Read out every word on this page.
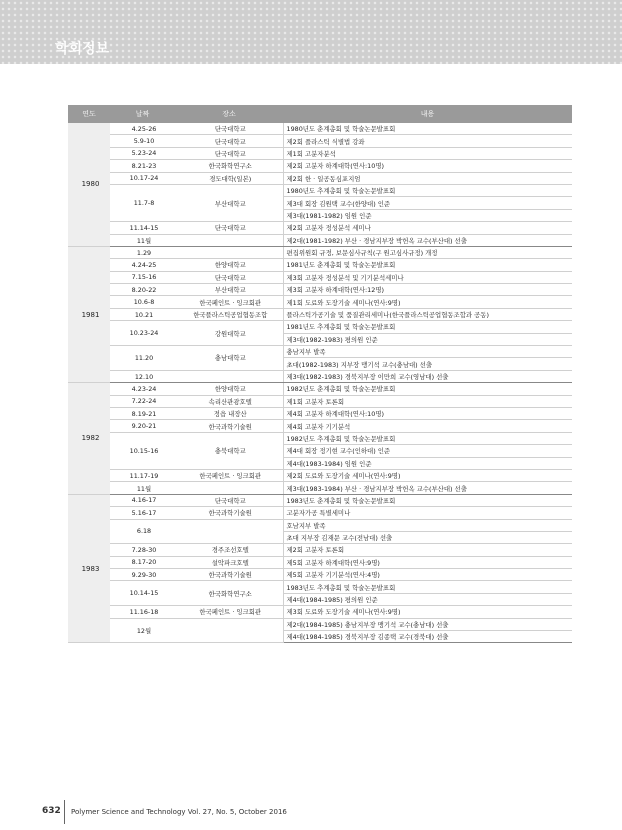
학회정보
연도	날짜	장소	내용
1980	4.25-26	단국대학교	1980년도 춘계총회 및 학술논문발표회
	5.9-10	단국대학교	제2회 플라스틱 식별법 강좌
	5.23-24	단국대학교	제1회 고분자분석
	8.21-23	한국화학연구소	제2회 고분자 하계대학(연사:10명)
	10.17-24	경도대학(일본)	제2회 한 · 일공동심포지엄
	11.7-8	부산대학교	1980년도 추계총회 및 학술논문발표회
			제3대 회장 김원택 교수(한양대) 인준
			제3대(1981-1982) 임원 인준
	11.14-15	단국대학교	제2회 고분자 정성분석 세미나
	11월		제2대(1981-1982) 부산 · 경남지부장 박헌옥 교수(부산대) 선출
1981	1.29		편집위원회 규정, 보문심사규칙(구 원고심사규정) 개정
	4.24-25	한양대학교	1981년도 춘계총회 및 학술논문발표회
	7.15-16	단국대학교	제3회 고분자 정성분석 및 기기분석세미나
	8.20-22	부산대학교	제3회 고분자 하계대학(연사:12명)
	10.6-8	한국페인트 · 잉크회관	제1회 도료와 도장기술 세미나(연사:9명)
	10.21	한국플라스틱공업협동조합	플라스틱가공기술 및 품질관리세미나(한국플라스틱공업협동조합과 공동)
	10.23-24	강원대학교	1981년도 추계총회 및 학술논문발표회
			제3대(1982-1983) 평의원 인준
	11.20	충남대학교	충남지부 발족
			초대(1982-1983) 지부장 맹기석 교수(충남대) 선출
	12.10		제3대(1982-1983) 경북지부장 이만희 교수(영남대) 선출
1982	4.23-24	한양대학교	1982년도 춘계총회 및 학술논문발표회
	7.22-24	속리산관광호텔	제1회 고분자 토론회
	8.19-21	정읍 내장산	제4회 고분자 하계대학(연사:10명)
	9.20-21	한국과학기술원	제4회 고분자 기기분석
	10.15-16	충북대학교	1982년도 추계총회 및 학술논문발표회
			제4대 회장 정기현 교수(인하대) 인준
			제4대(1983-1984) 임원 인준
	11.17-19	한국페인트 · 잉크회관	제2회 도료와 도장기술 세미나(연사:9명)
	11월		제3대(1983-1984) 부산 · 경남지부장 박헌옥 교수(부산대) 선출
1983	4.16-17	단국대학교	1983년도 춘계총회 및 학술논문발표회
	5.16-17	한국과학기술원	고분자가공 특별세미나
	6.18		호남지부 발족
			초대 지부장 김재문 교수(전남대) 선출
	7.28-30	경주조선호텔	제2회 고분자 토론회
	8.17-20	설악파크호텔	제5회 고분자 하계대학(연사:9명)
	9.29-30	한국과학기술원	제5회 고분자 기기분석(연사:4명)
	10.14-15	한국화학연구소	1983년도 추계총회 및 학술논문발표회
			제4대(1984-1985) 평의원 인준
	11.16-18	한국페인트 · 잉크회관	제3회 도료와 도장기술 세미나(연사:9명)
	12월		제2대(1984-1985) 충남지부장 맹기석 교수(충남대) 선출
			제4대(1984-1985) 경북지부장 김종택 교수(경북대) 선출
632 Polymer Science and Technology Vol. 27, No. 5, October 2016
